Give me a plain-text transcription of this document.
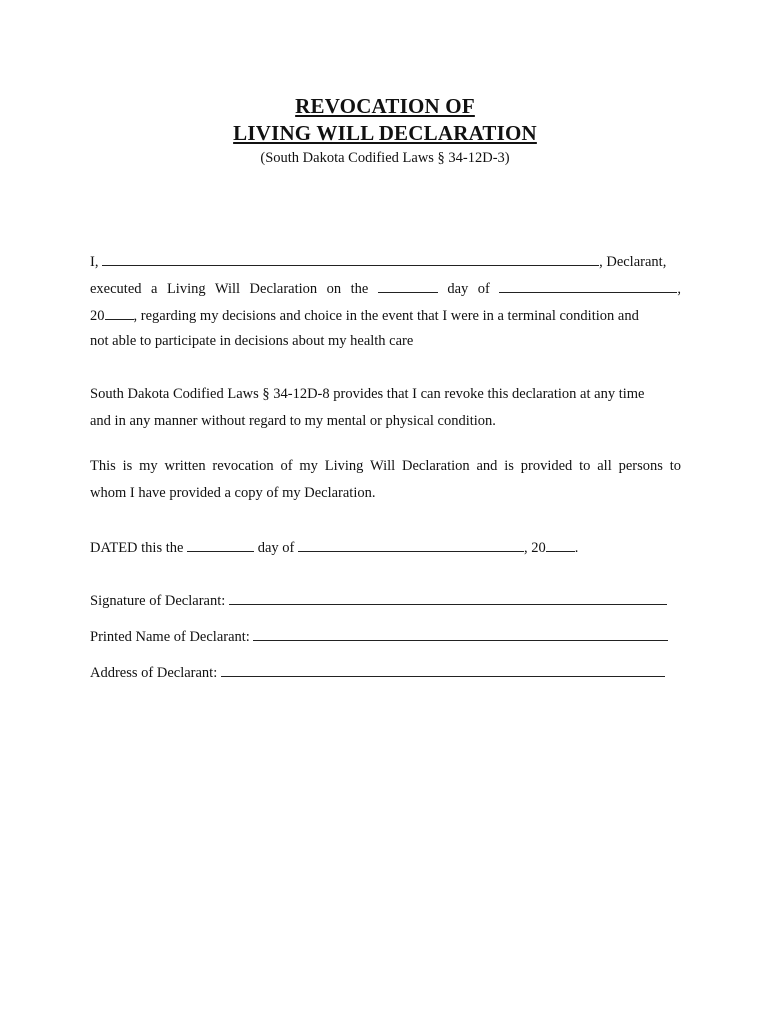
REVOCATION OF
LIVING WILL DECLARATION
(South Dakota Codified Laws § 34-12D-3)
I,	, Declarant,
executed a Living Will Declaration on the	day of	,
20 , regarding my decisions and choice in the event that I were in a terminal condition and
not able to participate in decisions about my health care
South Dakota Codified Laws § 34-12D-8 provides that I can revoke this declaration at any time
and in any manner without regard to my mental or physical condition.
This is my written revocation of my Living Will Declaration and is provided to all persons to
whom I have provided a copy of my Declaration.
DATED this the	day of	, 20 .
Signature of Declarant:
Printed Name of Declarant:
Address of Declarant:
